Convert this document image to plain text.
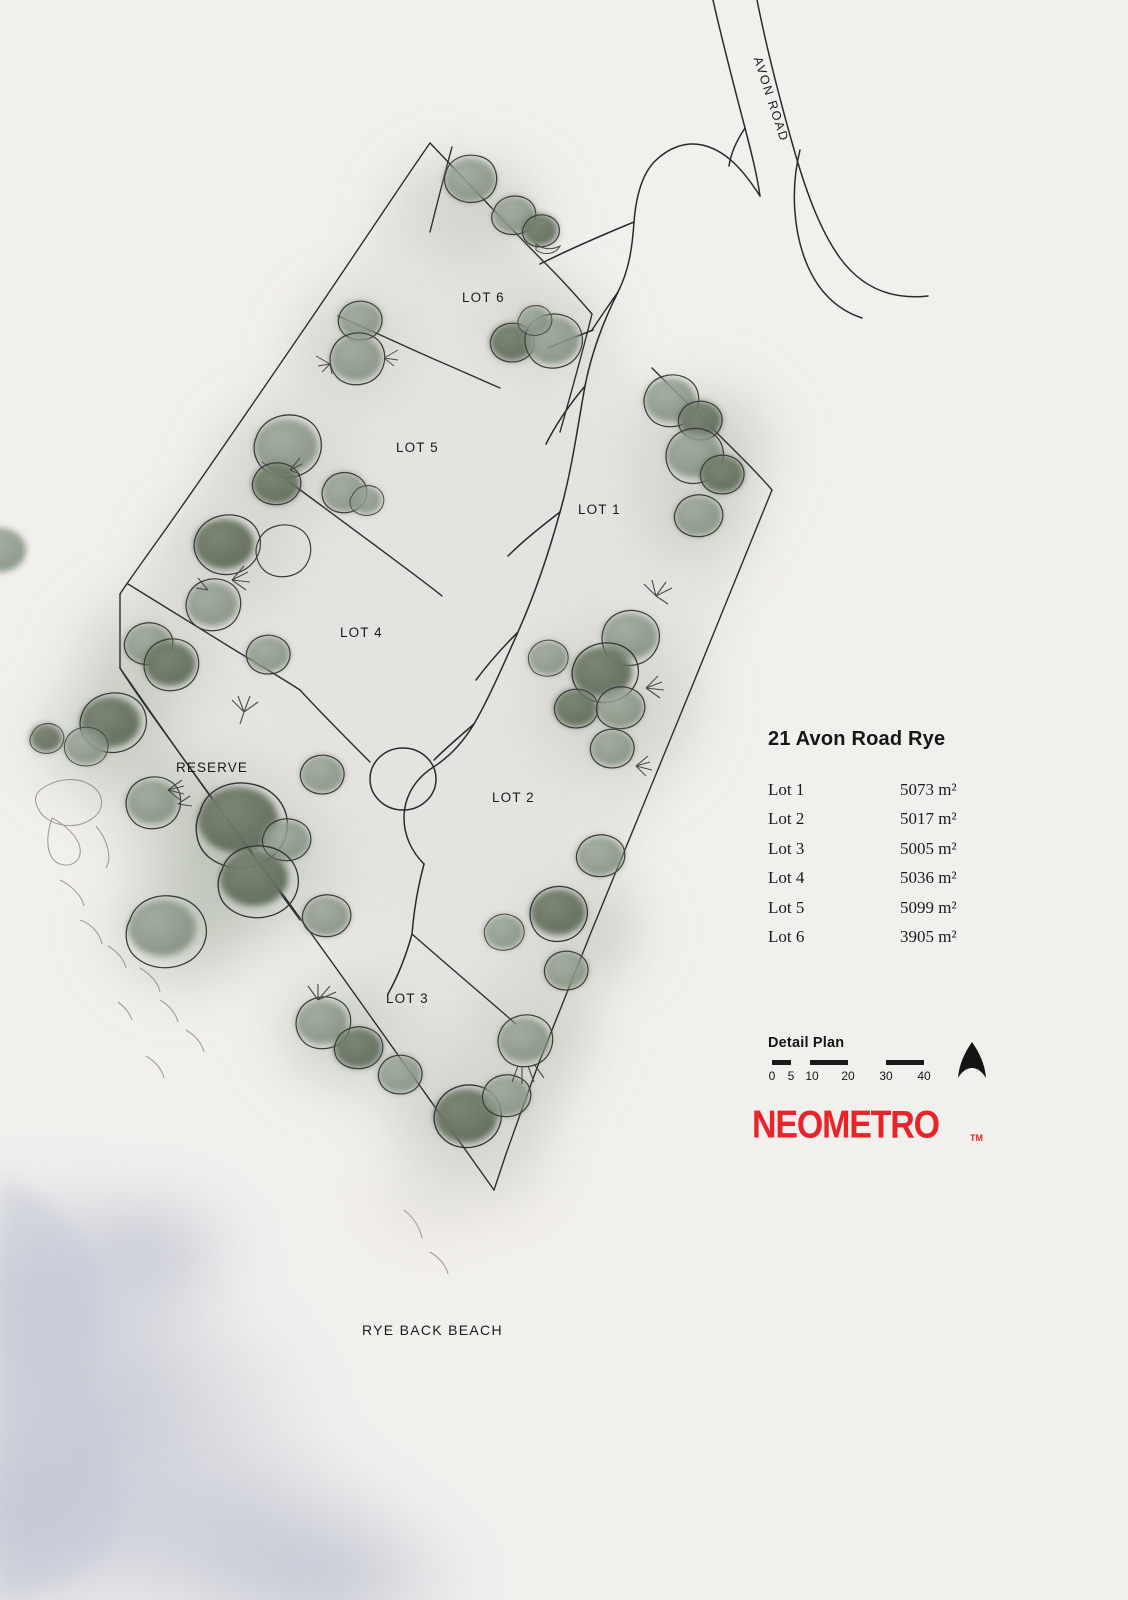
AVON ROAD
LOT 6
LOT 5
LOT 1
LOT 4
RESERVE
LOT 2
LOT 3
RYE BACK BEACH
21 Avon Road Rye
Lot 1	5073 m²
Lot 2	5017 m²
Lot 3	5005 m²
Lot 4	5036 m²
Lot 5	5099 m²
Lot 6	3905 m²
Detail Plan
0 5 10 20 30 40
NEOMETRO	TM
